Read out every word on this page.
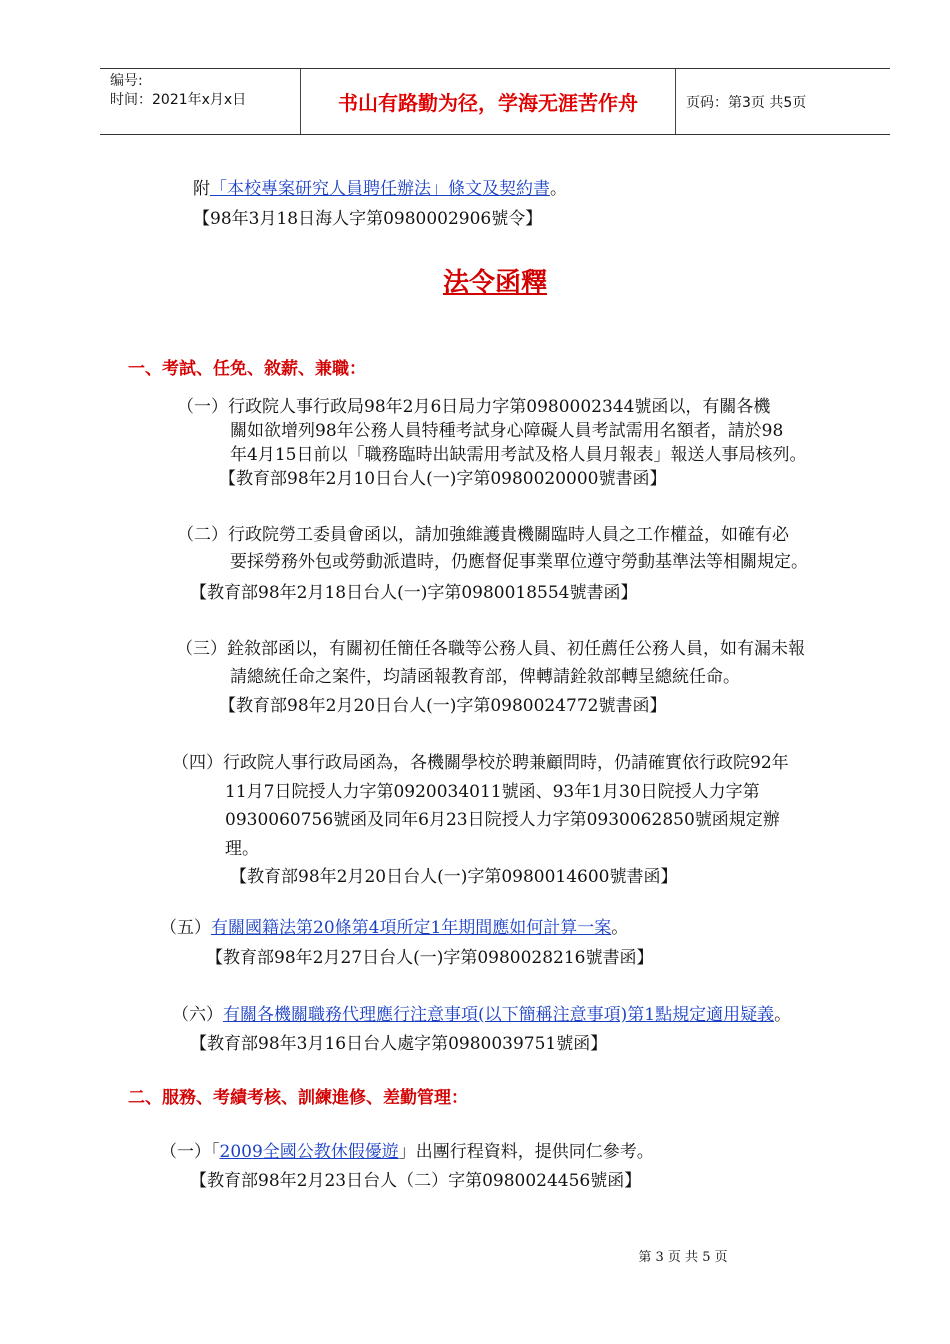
编号:
时间：2021年x月x日	书山有路勤为径，学海无涯苦作舟	页码：第3页 共5页
附「本校專案研究人員聘任辦法」條文及契約書。
【98年3月18日海人字第0980002906號令】
法令函釋
一、考試、任免、敘薪、兼職：
（一）行政院人事行政局98年2月6日局力字第0980002344號函以，有關各機
關如欲增列98年公務人員特種考試身心障礙人員考試需用名額者，請於98
年4月15日前以「職務臨時出缺需用考試及格人員月報表」報送人事局核列。
【教育部98年2月10日台人(一)字第0980020000號書函】
（二）行政院勞工委員會函以，請加強維護貴機關臨時人員之工作權益，如確有必
要採勞務外包或勞動派遣時，仍應督促事業單位遵守勞動基準法等相關規定。
【教育部98年2月18日台人(一)字第0980018554號書函】
（三）銓敘部函以，有關初任簡任各職等公務人員、初任薦任公務人員，如有漏未報
請總統任命之案件，均請函報教育部，俾轉請銓敘部轉呈總統任命。
【教育部98年2月20日台人(一)字第0980024772號書函】
（四）行政院人事行政局函為，各機關學校於聘兼顧問時，仍請確實依行政院92年
11月7日院授人力字第0920034011號函、93年1月30日院授人力字第
0930060756號函及同年6月23日院授人力字第0930062850號函規定辦
理。
【教育部98年2月20日台人(一)字第0980014600號書函】
（五）有關國籍法第20條第4項所定1年期間應如何計算一案。
【教育部98年2月27日台人(一)字第0980028216號書函】
（六）有關各機關職務代理應行注意事項(以下簡稱注意事項)第1點規定適用疑義。
【教育部98年3月16日台人處字第0980039751號函】
二、服務、考績考核、訓練進修、差勤管理：
（一）「2009全國公教休假優遊」出團行程資料，提供同仁參考。
【教育部98年2月23日台人（二）字第0980024456號函】
第 3 页 共 5 页
